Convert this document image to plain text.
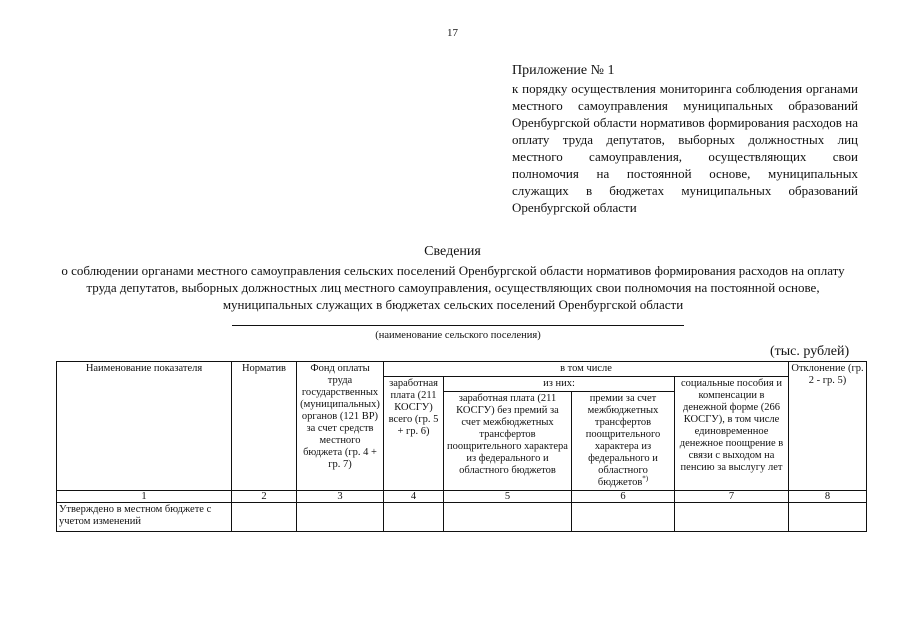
17
Приложение № 1
к порядку осуществления мониторинга соблюдения органами местного самоуправления муниципальных образований Оренбургской области нормативов формирования расходов на оплату труда депутатов, выборных должностных лиц местного самоуправления, осуществляющих свои полномочия на постоянной основе, муниципальных служащих в бюджетах муниципальных образований Оренбургской области
Сведения
о соблюдении органами местного самоуправления сельских поселений Оренбургской области нормативов формирования расходов на оплату труда депутатов, выборных должностных лиц местного самоуправления, осуществляющих свои полномочия на постоянной основе, муниципальных служащих в бюджетах сельских поселений Оренбургской области
(наименование сельского поселения)
(тыс. рублей)
Наименование показателя	Норматив	Фонд оплаты труда государственных (муниципальных) органов (121 ВР) за счет средств местного бюджета (гр. 4 + гр. 7)	в том числе				Отклонение (гр. 2 - гр. 5)
			заработная плата (211 КОСГУ) всего (гр. 5 + гр. 6)	из них:		социальные пособия и компенсации в денежной форме (266 КОСГУ), в том числе единовременное денежное поощрение в связи с выходом на пенсию за выслугу лет	
				заработная плата (211 КОСГУ) без премий за счет межбюджетных трансфертов поощрительного характера из федерального и областного бюджетов	премии за счет межбюджетных трансфертов поощрительного характера из федерального и областного бюджетов*)
1	2	3	4	5	6	7	8
Утверждено в местном бюджете с учетом изменений							
